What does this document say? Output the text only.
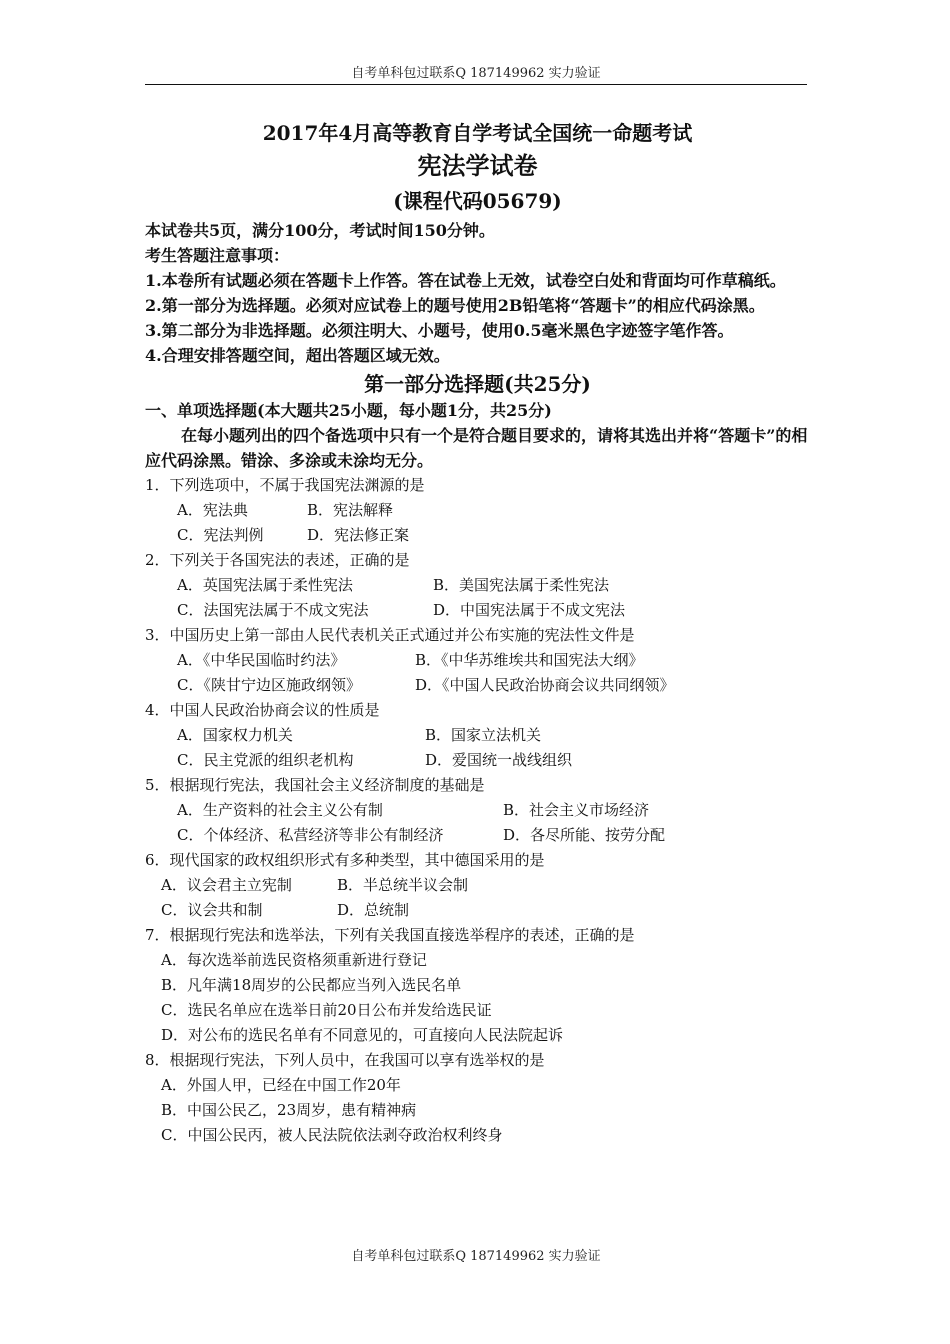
自考单科包过联系Q 187149962 实力验证
2017年4月高等教育自学考试全国统一命题考试
宪法学试卷
(课程代码05679)
本试卷共5页，满分100分，考试时间150分钟。
考生答题注意事项：
1.本卷所有试题必须在答题卡上作答。答在试卷上无效，试卷空白处和背面均可作草稿纸。
2.第一部分为选择题。必须对应试卷上的题号使用2B铅笔将“答题卡”的相应代码涂黑。
3.第二部分为非选择题。必须注明大、小题号，使用0.5毫米黑色字迹签字笔作答。
4.合理安排答题空间，超出答题区域无效。
第一部分选择题(共25分)
一、单项选择题(本大题共25小题，每小题1分，共25分)
在每小题列出的四个备选项中只有一个是符合题目要求的，请将其选出并将“答题卡”的相应代码涂黑。错涂、多涂或未涂均无分。
1．下列选项中，不属于我国宪法渊源的是
A．宪法典	B．宪法解释
C．宪法判例	D．宪法修正案
2．下列关于各国宪法的表述，正确的是
A．英国宪法属于柔性宪法	B．美国宪法属于柔性宪法
C．法国宪法属于不成文宪法	D．中国宪法属于不成文宪法
3．中国历史上第一部由人民代表机关正式通过并公布实施的宪法性文件是
A．《中华民国临时约法》	B．《中华苏维埃共和国宪法大纲》
C．《陕甘宁边区施政纲领》	D．《中国人民政治协商会议共同纲领》
4．中国人民政治协商会议的性质是
A．国家权力机关	B．国家立法机关
C．民主党派的组织老机构	D．爱国统一战线组织
5．根据现行宪法，我国社会主义经济制度的基础是
A．生产资料的社会主义公有制	B．社会主义市场经济
C．个体经济、私营经济等非公有制经济	D．各尽所能、按劳分配
6．现代国家的政权组织形式有多种类型，其中德国采用的是
A．议会君主立宪制	B．半总统半议会制
C．议会共和制	D．总统制
7．根据现行宪法和选举法，下列有关我国直接选举程序的表述，正确的是
A．每次选举前选民资格须重新进行登记
B．凡年满18周岁的公民都应当列入选民名单
C．选民名单应在选举日前20日公布并发给选民证
D．对公布的选民名单有不同意见的，可直接向人民法院起诉
8．根据现行宪法，下列人员中，在我国可以享有选举权的是
A．外国人甲，已经在中国工作20年
B．中国公民乙，23周岁，患有精神病
C．中国公民丙，被人民法院依法剥夺政治权利终身
自考单科包过联系Q 187149962 实力验证
